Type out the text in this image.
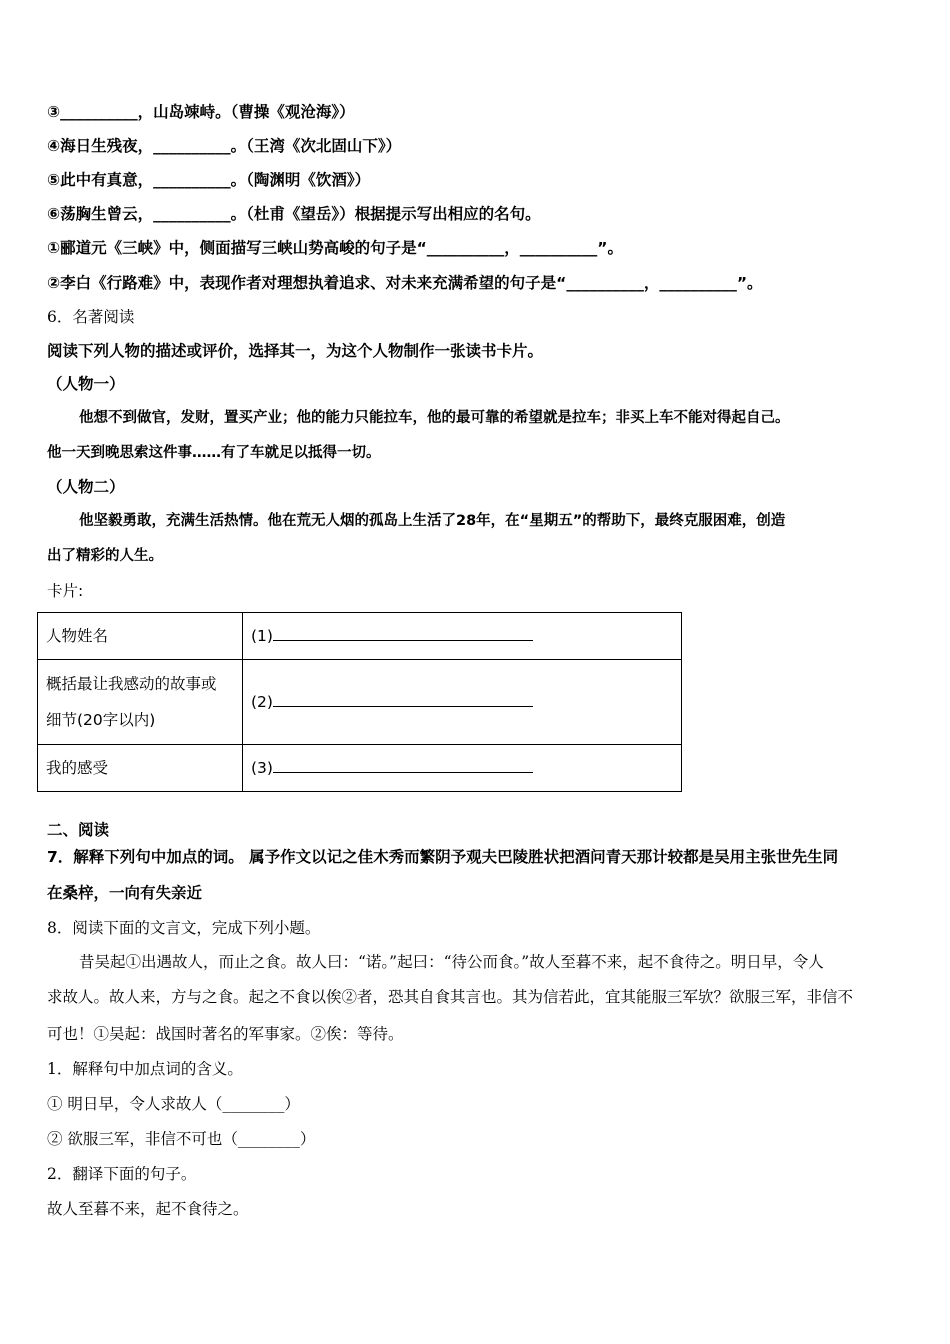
③__________，山岛竦峙。（曹操《观沧海》）
④海日生残夜，__________。（王湾《次北固山下》）
⑤此中有真意，__________。（陶渊明《饮酒》）
⑥荡胸生曾云，__________。（杜甫《望岳》）根据提示写出相应的名句。
①郦道元《三峡》中，侧面描写三峡山势高峻的句子是“__________，__________”。
②李白《行路难》中，表现作者对理想执着追求、对未来充满希望的句子是“__________，__________”。
6．名著阅读
阅读下列人物的描述或评价，选择其一，为这个人物制作一张读书卡片。
（人物一）
他想不到做官，发财，置买产业；他的能力只能拉车，他的最可靠的希望就是拉车；非买上车不能对得起自己。
他一天到晚思索这件事……有了车就足以抵得一切。
（人物二）
他坚毅勇敢，充满生活热情。他在荒无人烟的孤岛上生活了28年，在“星期五”的帮助下，最终克服困难，创造
出了精彩的人生。
卡片:
人物姓名	(1)

概括最让我感动的故事或
细节(20字以内)	(2)
我的感受	(3)
二、阅读
7．解释下列句中加点的词。 属予作文以记之佳木秀而繁阴予观夫巴陵胜状把酒问青天那计较都是吴用主张世先生同
在桑梓，一向有失亲近
8．阅读下面的文言文，完成下列小题。
昔吴起①出遇故人，而止之食。故人曰：“诺。”起曰：“待公而食。”故人至暮不来，起不食待之。明日早，令人
求故人。故人来，方与之食。起之不食以俟②者，恐其自食其言也。其为信若此，宜其能服三军欤？欲服三军，非信不
可也！①吴起：战国时著名的军事家。②俟：等待。
1．解释句中加点词的含义。
① 明日早，令人求故人（________）
② 欲服三军，非信不可也（________）
2．翻译下面的句子。
故人至暮不来，起不食待之。
